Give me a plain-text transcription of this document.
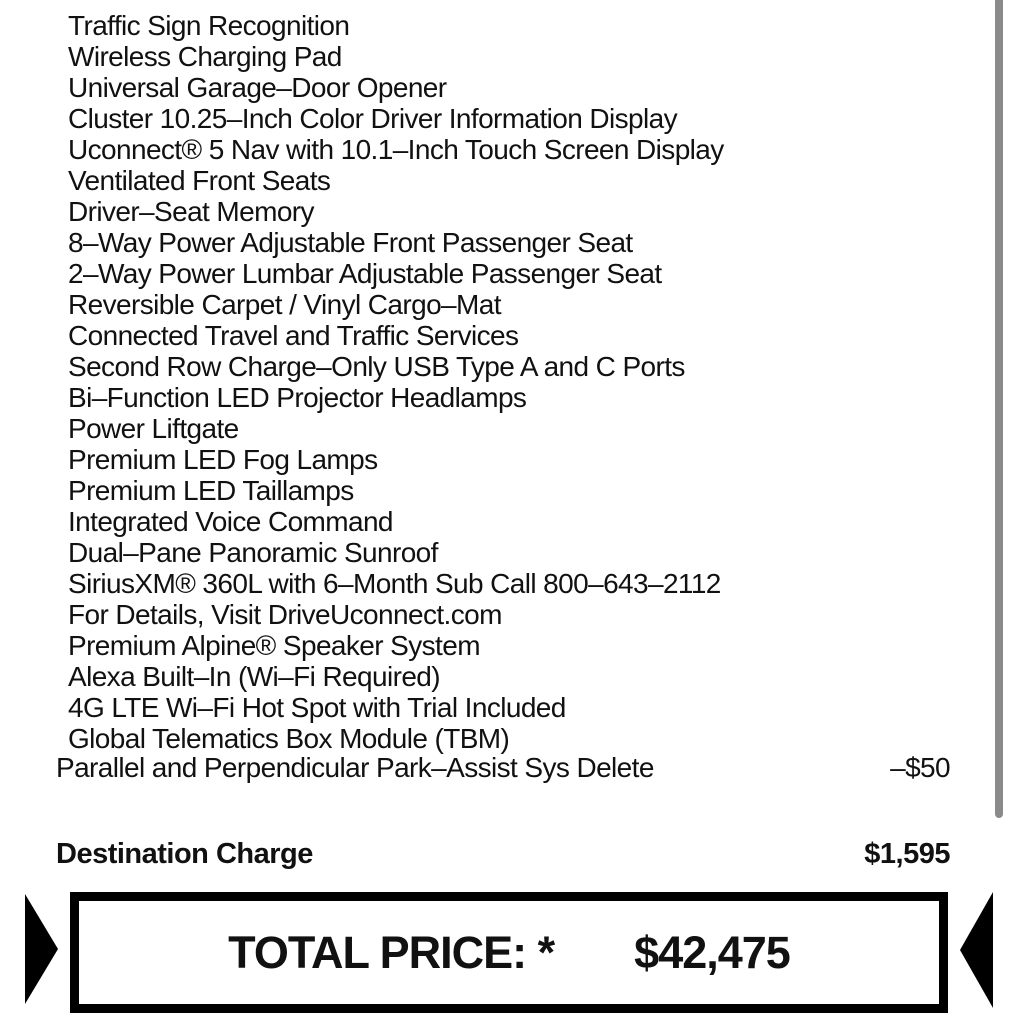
Traffic Sign Recognition
Wireless Charging Pad
Universal Garage–Door Opener
Cluster 10.25–Inch Color Driver Information Display
Uconnect® 5 Nav with 10.1–Inch Touch Screen Display
Ventilated Front Seats
Driver–Seat Memory
8–Way Power Adjustable Front Passenger Seat
2–Way Power Lumbar Adjustable Passenger Seat
Reversible Carpet / Vinyl Cargo–Mat
Connected Travel and Traffic Services
Second Row Charge–Only USB Type A and C Ports
Bi–Function LED Projector Headlamps
Power Liftgate
Premium LED Fog Lamps
Premium LED Taillamps
Integrated Voice Command
Dual–Pane Panoramic Sunroof
SiriusXM® 360L with 6–Month Sub Call 800–643–2112
For Details, Visit DriveUconnect.com
Premium Alpine® Speaker System
Alexa Built–In (Wi–Fi Required)
4G LTE Wi–Fi Hot Spot with Trial Included
Global Telematics Box Module (TBM)
Parallel and Perpendicular Park–Assist Sys Delete	–$50
Destination Charge	$1,595
TOTAL PRICE: * $42,475
